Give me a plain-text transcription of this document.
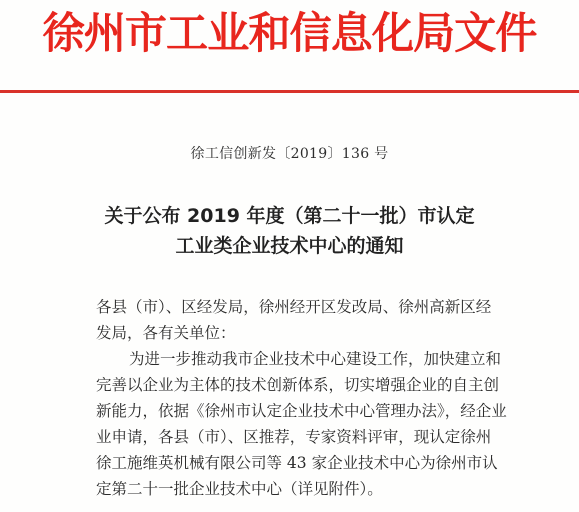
徐州市工业和信息化局文件
徐工信创新发〔2019〕136 号
关于公布 2019 年度（第二十一批）市认定
工业类企业技术中心的通知
各县（市）、区经发局，徐州经开区发改局、徐州高新区经
发局，各有关单位：
为进一步推动我市企业技术中心建设工作，加快建立和
完善以企业为主体的技术创新体系，切实增强企业的自主创
新能力，依据《徐州市认定企业技术中心管理办法》，经企业
业申请，各县（市）、区推荐，专家资料评审，现认定徐州
徐工施维英机械有限公司等 43 家企业技术中心为徐州市认
定第二十一批企业技术中心（详见附件）。
